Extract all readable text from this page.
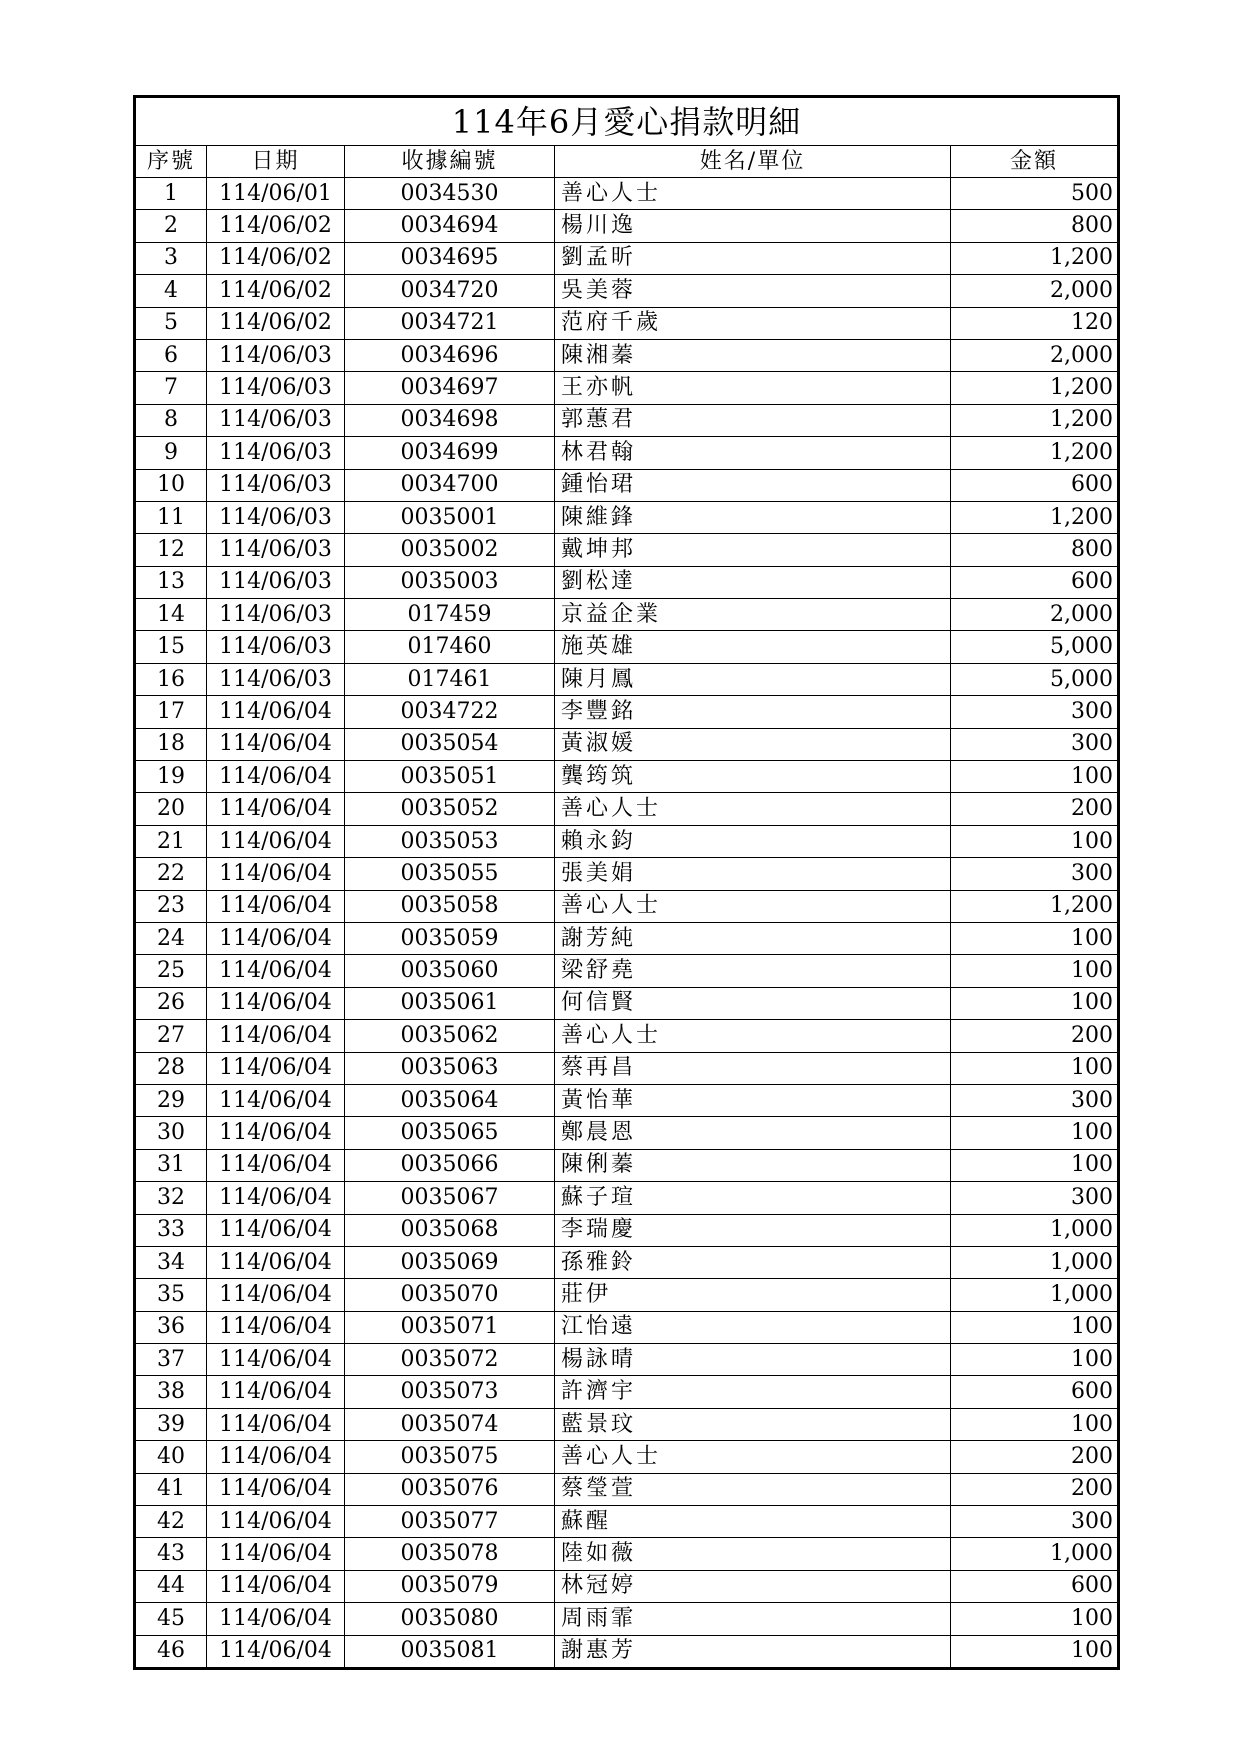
114年6月愛心捐款明細				
序號	日期	收據編號	姓名/單位	金額
1	114/06/01	0034530	善心人士	500
2	114/06/02	0034694	楊川逸	800
3	114/06/02	0034695	劉孟昕	1,200
4	114/06/02	0034720	吳美蓉	2,000
5	114/06/02	0034721	范府千歲	120
6	114/06/03	0034696	陳湘蓁	2,000
7	114/06/03	0034697	王亦帆	1,200
8	114/06/03	0034698	郭蕙君	1,200
9	114/06/03	0034699	林君翰	1,200
10	114/06/03	0034700	鍾怡珺	600
11	114/06/03	0035001	陳維鋒	1,200
12	114/06/03	0035002	戴坤邦	800
13	114/06/03	0035003	劉松達	600
14	114/06/03	017459	京益企業	2,000
15	114/06/03	017460	施英雄	5,000
16	114/06/03	017461	陳月鳳	5,000
17	114/06/04	0034722	李豐銘	300
18	114/06/04	0035054	黃淑媛	300
19	114/06/04	0035051	龔筠筑	100
20	114/06/04	0035052	善心人士	200
21	114/06/04	0035053	賴永鈞	100
22	114/06/04	0035055	張美娟	300
23	114/06/04	0035058	善心人士	1,200
24	114/06/04	0035059	謝芳純	100
25	114/06/04	0035060	梁舒堯	100
26	114/06/04	0035061	何信賢	100
27	114/06/04	0035062	善心人士	200
28	114/06/04	0035063	蔡再昌	100
29	114/06/04	0035064	黃怡華	300
30	114/06/04	0035065	鄭晨恩	100
31	114/06/04	0035066	陳俐蓁	100
32	114/06/04	0035067	蘇子瑄	300
33	114/06/04	0035068	李瑞慶	1,000
34	114/06/04	0035069	孫雅鈴	1,000
35	114/06/04	0035070	莊伊	1,000
36	114/06/04	0035071	江怡遠	100
37	114/06/04	0035072	楊詠晴	100
38	114/06/04	0035073	許濟宇	600
39	114/06/04	0035074	藍景玟	100
40	114/06/04	0035075	善心人士	200
41	114/06/04	0035076	蔡瑩萱	200
42	114/06/04	0035077	蘇醒	300
43	114/06/04	0035078	陸如薇	1,000
44	114/06/04	0035079	林冠婷	600
45	114/06/04	0035080	周雨霏	100
46	114/06/04	0035081	謝惠芳	100
